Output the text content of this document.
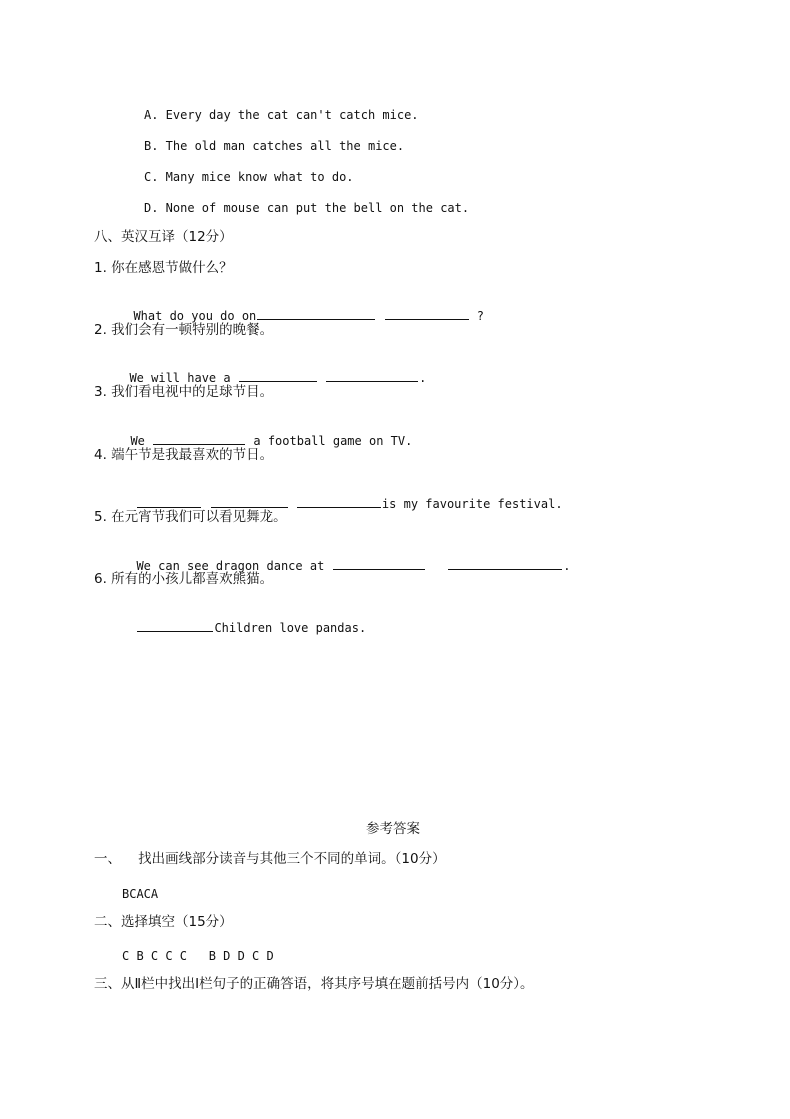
A. Every day the cat can't catch mice.
B. The old man catches all the mice.
C. Many mice know what to do.
D. None of mouse can put the bell on the cat.
八、英汉互译（12分）
1. 你在感恩节做什么？

What do you do on	?

2. 我们会有一顿特别的晚餐。

We will have a	.

3. 我们看电视中的足球节目。

We	a football game on TV.

4. 端午节是我最喜欢的节日。

is my favourite festival.

5. 在元宵节我们可以看见舞龙。

We can see dragon dance at	.

6. 所有的小孩儿都喜欢熊猫。

Children love pandas.

参考答案
一、    找出画线部分读音与其他三个不同的单词。（10分）
BCACA
二、选择填空（15分）
C B C C C   B D D C D
三、从Ⅱ栏中找出Ⅰ栏句子的正确答语，将其序号填在题前括号内（10分）。
